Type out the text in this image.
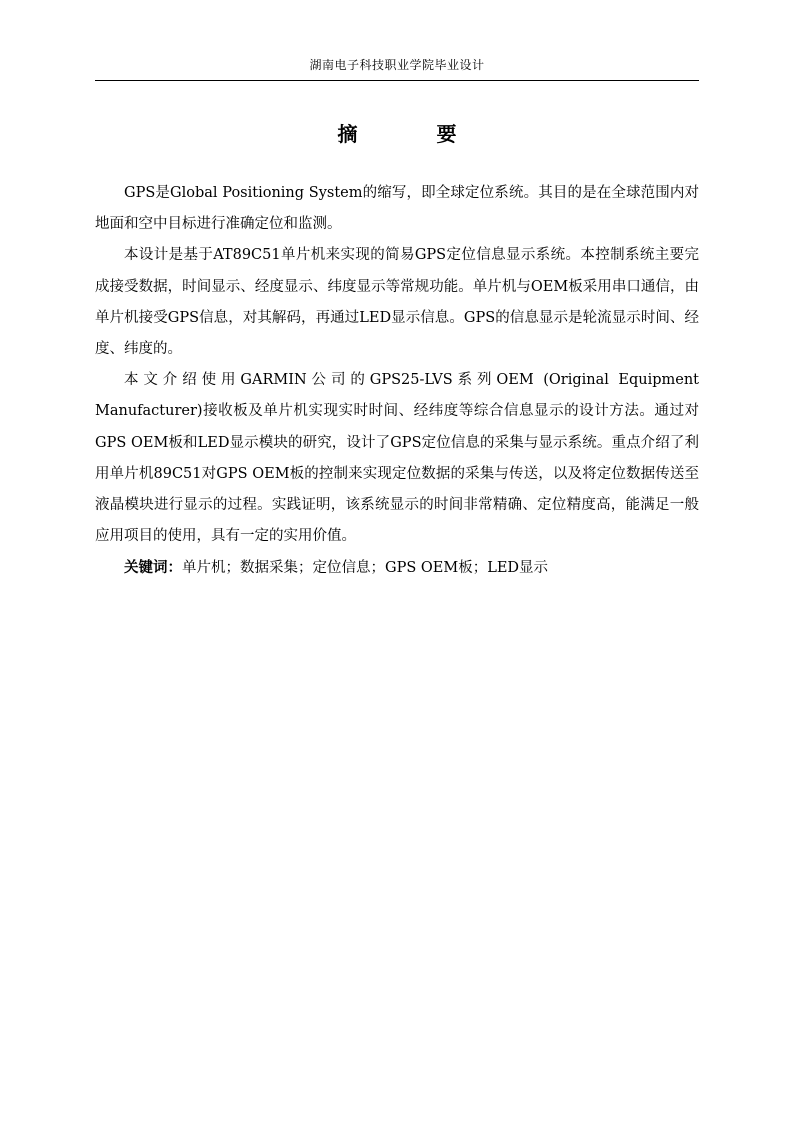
湖南电子科技职业学院毕业设计
摘 要

GPS是Global Positioning System的缩写，即全球定位系统。其目的是在全球范围内对地面和空中目标进行准确定位和监测。

本设计是基于AT89C51单片机来实现的简易GPS定位信息显示系统。本控制系统主要完成接受数据，时间显示、经度显示、纬度显示等常规功能。单片机与OEM板采用串口通信，由单片机接受GPS信息，对其解码，再通过LED显示信息。GPS的信息显示是轮流显示时间、经度、纬度的。

本文介绍使用GARMIN公司的GPS25-LVS系列OEM (Original Equipment Manufacturer)接收板及单片机实现实时时间、经纬度等综合信息显示的设计方法。通过对GPS OEM板和LED显示模块的研究，设计了GPS定位信息的采集与显示系统。重点介绍了利用单片机89C51对GPS OEM板的控制来实现定位数据的采集与传送，以及将定位数据传送至液晶模块进行显示的过程。实践证明，该系统显示的时间非常精确、定位精度高，能满足一般应用项目的使用，具有一定的实用价值。

关键词：单片机；数据采集；定位信息；GPS OEM板；LED显示
